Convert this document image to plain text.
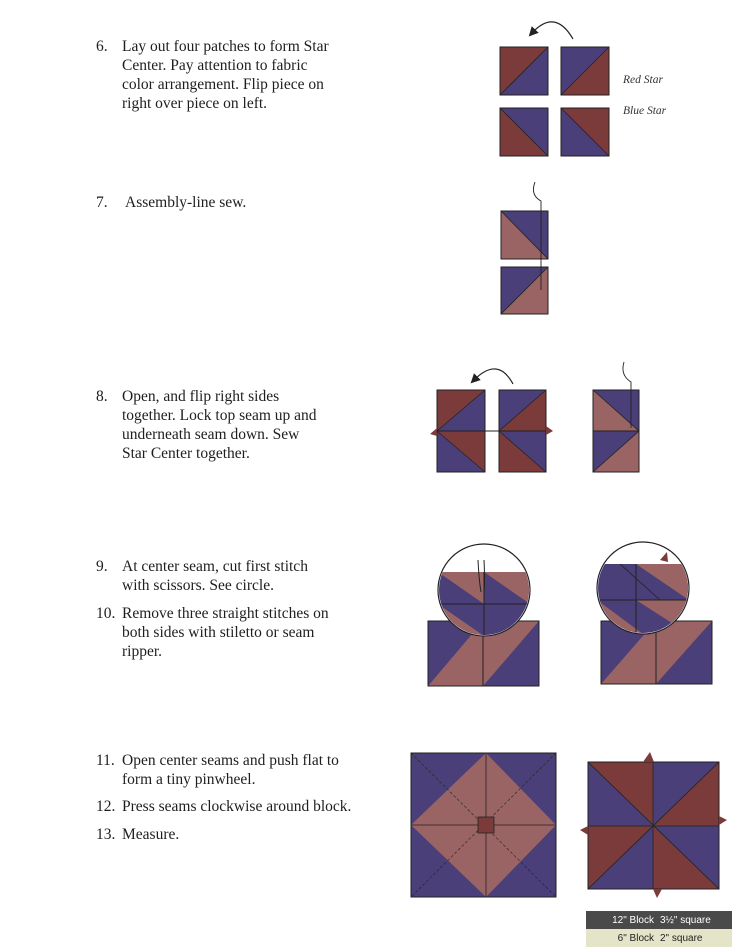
6. Lay out four patches to form Star
Center. Pay attention to fabric
color arrangement. Flip piece on
right over piece on left.
7. Assembly-line sew.
8. Open, and flip right sides
together. Lock top seam up and
underneath seam down. Sew
Star Center together.
9. At center seam, cut first stitch
with scissors. See circle.
10. Remove three straight stitches on
both sides with stiletto or seam
ripper.
11. Open center seams and push flat to
form a tiny pinwheel.
12. Press seams clockwise around block.
13. Measure.
Red Star
Blue Star
12" Block 3½" square
6" Block 2" square
